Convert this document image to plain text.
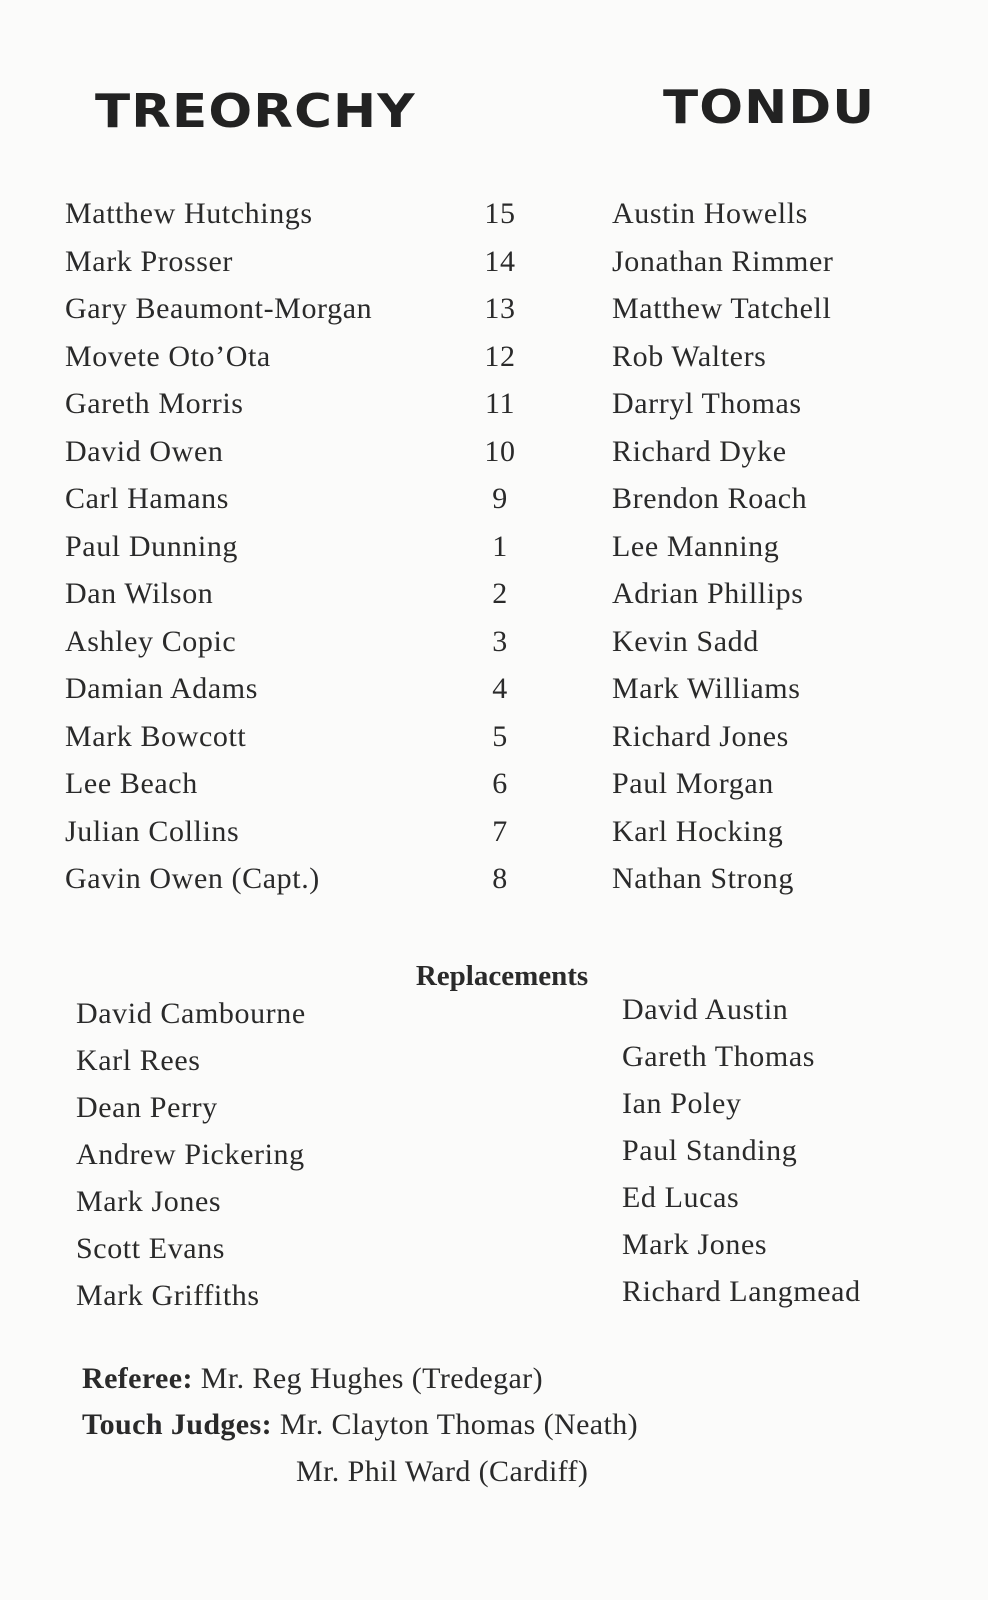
TREORCHY	TONDU
Matthew Hutchings
Mark Prosser
Gary Beaumont-Morgan
Movete Oto’Ota
Gareth Morris
David Owen
Carl Hamans
Paul Dunning
Dan Wilson
Ashley Copic
Damian Adams
Mark Bowcott
Lee Beach
Julian Collins
Gavin Owen (Capt.)
15
14
13
12
11
10
9
1
2
3
4
5
6
7
8
Austin Howells
Jonathan Rimmer
Matthew Tatchell
Rob Walters
Darryl Thomas
Richard Dyke
Brendon Roach
Lee Manning
Adrian Phillips
Kevin Sadd
Mark Williams
Richard Jones
Paul Morgan
Karl Hocking
Nathan Strong
Replacements
David Cambourne
Karl Rees
Dean Perry
Andrew Pickering
Mark Jones
Scott Evans
Mark Griffiths
David Austin
Gareth Thomas
Ian Poley
Paul Standing
Ed Lucas
Mark Jones
Richard Langmead
Referee: Mr. Reg Hughes (Tredegar)
Touch Judges: Mr. Clayton Thomas (Neath)
Mr. Phil Ward (Cardiff)
